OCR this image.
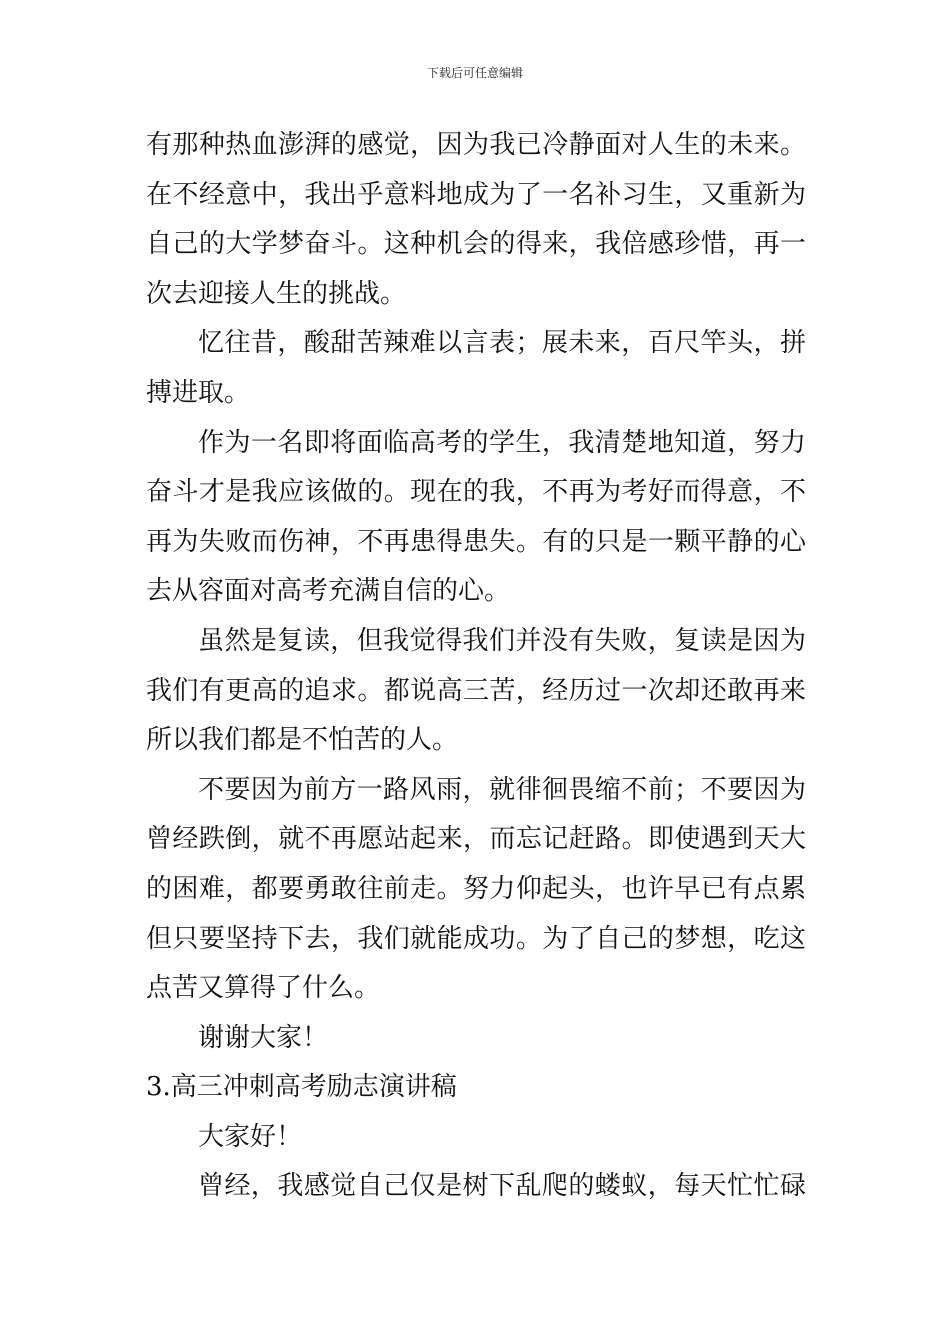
下载后可任意编辑
有那种热血澎湃的感觉，因为我已冷静面对人生的未来。
在不经意中，我出乎意料地成为了一名补习生，又重新为
自己的大学梦奋斗。这种机会的得来，我倍感珍惜，再一
次去迎接人生的挑战。
忆往昔，酸甜苦辣难以言表；展未来，百尺竿头，拼
搏进取。
作为一名即将面临高考的学生，我清楚地知道，努力
奋斗才是我应该做的。现在的我，不再为考好而得意，不
再为失败而伤神，不再患得患失。有的只是一颗平静的心
去从容面对高考充满自信的心。
虽然是复读，但我觉得我们并没有失败，复读是因为
我们有更高的追求。都说高三苦，经历过一次却还敢再来
所以我们都是不怕苦的人。
不要因为前方一路风雨，就徘徊畏缩不前；不要因为
曾经跌倒，就不再愿站起来，而忘记赶路。即使遇到天大
的困难，都要勇敢往前走。努力仰起头，也许早已有点累
但只要坚持下去，我们就能成功。为了自己的梦想，吃这
点苦又算得了什么。
谢谢大家！
3.高三冲刺高考励志演讲稿
大家好！
曾经，我感觉自己仅是树下乱爬的蝼蚁，每天忙忙碌
